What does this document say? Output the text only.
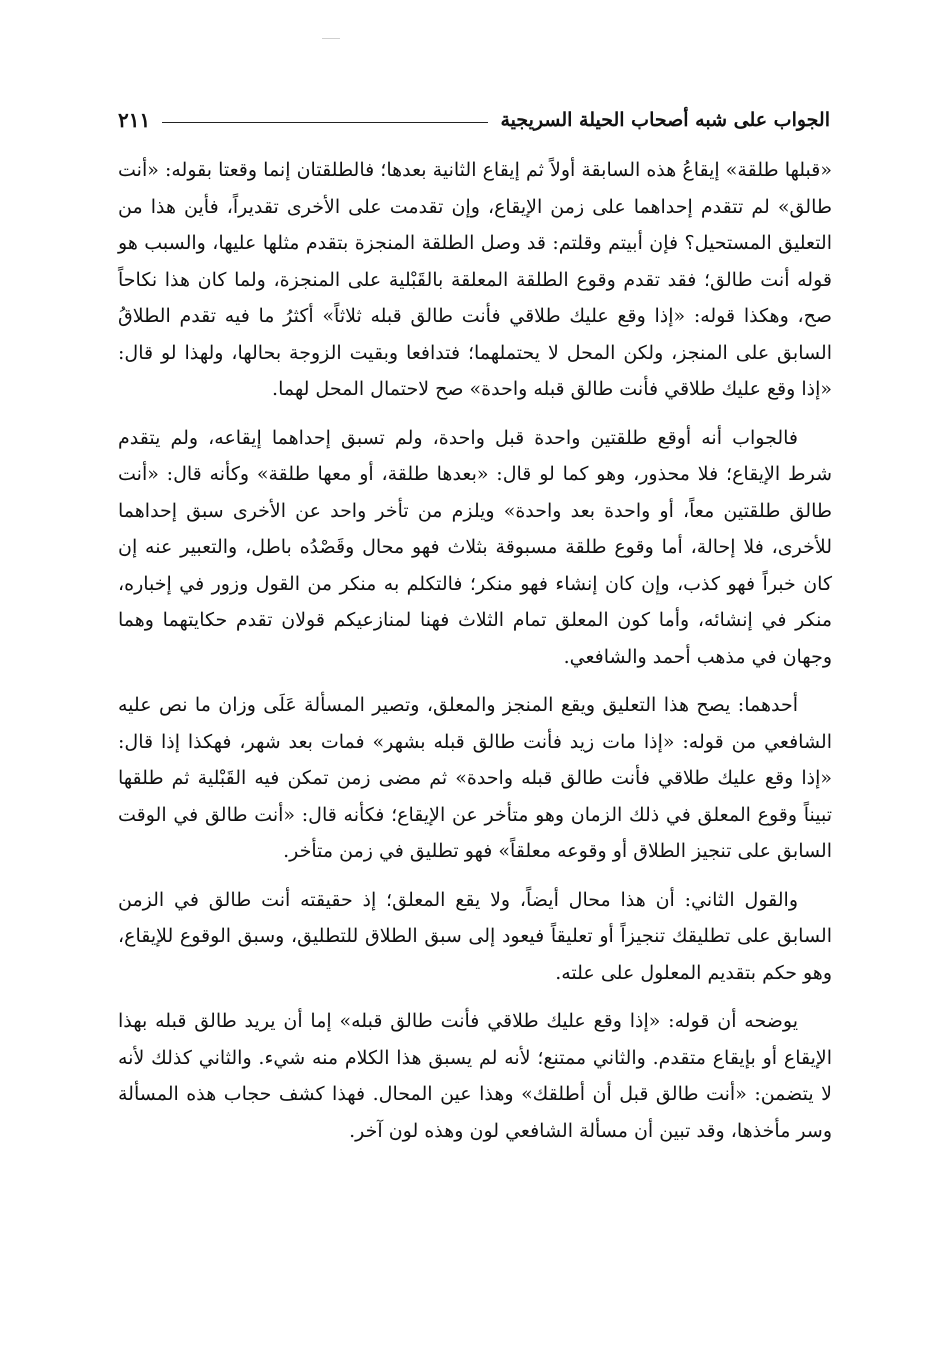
الجواب على شبه أصحاب الحيلة السريجية
٢١١

«قبلها طلقة» إيقاعُ هذه السابقة أولاً ثم إيقاع الثانية بعدها؛ فالطلقتان إنما وقعتا بقوله: «أنت طالق» لم تتقدم إحداهما على زمن الإيقاع، وإن تقدمت على الأخرى تقديراً، فأين هذا من التعليق المستحيل؟ فإن أبيتم وقلتم: قد وصل الطلقة المنجزة بتقدم مثلها عليها، والسبب هو قوله أنت طالق؛ فقد تقدم وقوع الطلقة المعلقة بالقَبْلية على المنجزة، ولما كان هذا نكاحاً صح، وهكذا قوله: «إذا وقع عليك طلاقي فأنت طالق قبله ثلاثاً» أكثرُ ما فيه تقدم الطلاقُ السابق على المنجز، ولكن المحل لا يحتملهما؛ فتدافعا وبقيت الزوجة بحالها، ولهذا لو قال: «إذا وقع عليك طلاقي فأنت طالق قبله واحدة» صح لاحتمال المحل لهما.

فالجواب أنه أوقع طلقتين واحدة قبل واحدة، ولم تسبق إحداهما إيقاعه، ولم يتقدم شرط الإيقاع؛ فلا محذور، وهو كما لو قال: «بعدها طلقة، أو معها طلقة» وكأنه قال: «أنت طالق طلقتين معاً، أو واحدة بعد واحدة» ويلزم من تأخر واحد عن الأخرى سبق إحداهما للأخرى، فلا إحالة، أما وقوع طلقة مسبوقة بثلاث فهو محال وقَصْدُه باطل، والتعبير عنه إن كان خبراً فهو كذب، وإن كان إنشاء فهو منكر؛ فالتكلم به منكر من القول وزور في إخباره، منكر في إنشائه، وأما كون المعلق تمام الثلاث فهنا لمنازعيكم قولان تقدم حكايتهما وهما وجهان في مذهب أحمد والشافعي.

أحدهما: يصح هذا التعليق ويقع المنجز والمعلق، وتصير المسألة عَلَى وزان ما نص عليه الشافعي من قوله: «إذا مات زيد فأنت طالق قبله بشهر» فمات بعد شهر، فهكذا إذا قال: «إذا وقع عليك طلاقي فأنت طالق قبله واحدة» ثم مضى زمن تمكن فيه القَبْلية ثم طلقها تبيناً وقوع المعلق في ذلك الزمان وهو متأخر عن الإيقاع؛ فكأنه قال: «أنت طالق في الوقت السابق على تنجيز الطلاق أو وقوعه معلقاً» فهو تطليق في زمن متأخر.

والقول الثاني: أن هذا محال أيضاً، ولا يقع المعلق؛ إذ حقيقته أنت طالق في الزمن السابق على تطليقك تنجيزاً أو تعليقاً فيعود إلى سبق الطلاق للتطليق، وسبق الوقوع للإيقاع، وهو حكم بتقديم المعلول على علته.

يوضحه أن قوله: «إذا وقع عليك طلاقي فأنت طالق قبله» إما أن يريد طالق قبله بهذا الإيقاع أو بإيقاع متقدم. والثاني ممتنع؛ لأنه لم يسبق هذا الكلام منه شيء. والثاني كذلك لأنه لا يتضمن: «أنت طالق قبل أن أطلقك» وهذا عين المحال. فهذا كشف حجاب هذه المسألة وسر مأخذها، وقد تبين أن مسألة الشافعي لون وهذه لون آخر.
